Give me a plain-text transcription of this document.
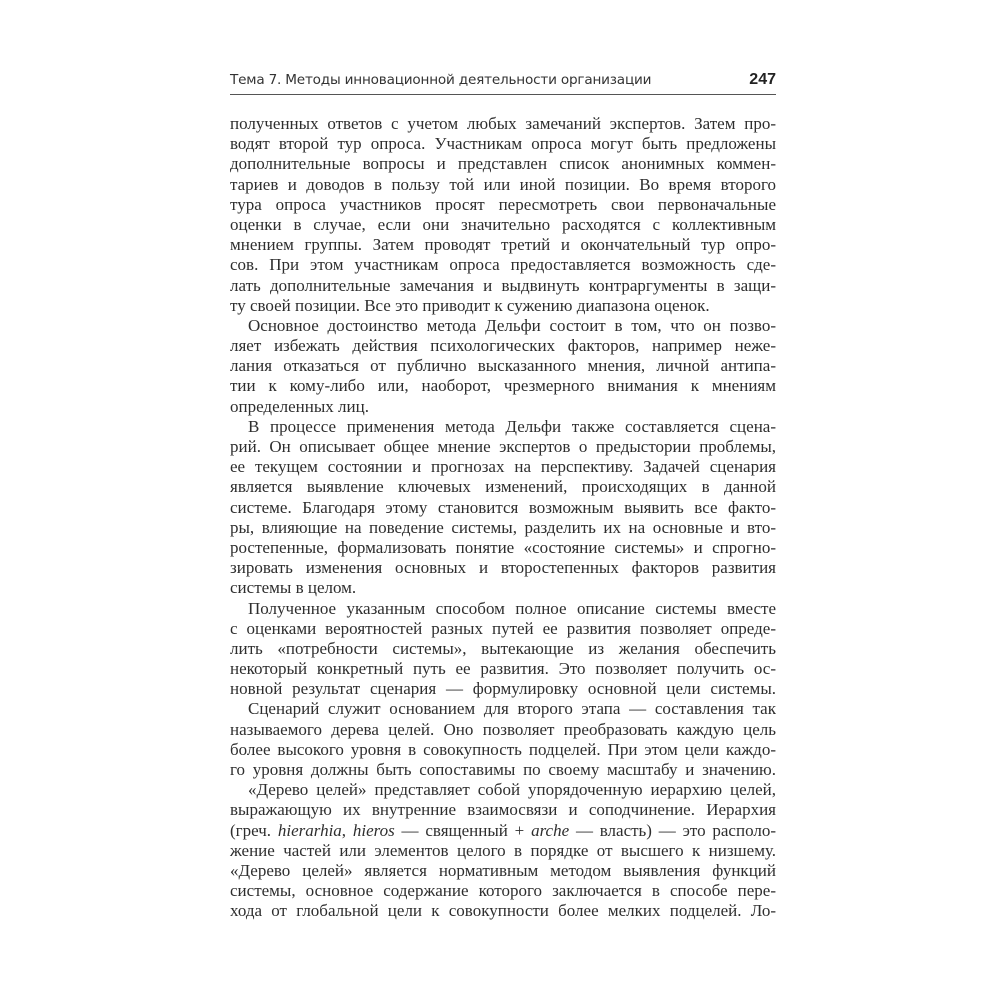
Тема 7. Методы инновационной деятельности организации	247
полученных ответов с учетом любых замечаний экспертов. Затем про-
водят второй тур опроса. Участникам опроса могут быть предложены
дополнительные вопросы и представлен список анонимных коммен-
тариев и доводов в пользу той или иной позиции. Во время второго
тура опроса участников просят пересмотреть свои первоначальные
оценки в случае, если они значительно расходятся с коллективным
мнением группы. Затем проводят третий и окончательный тур опро-
сов. При этом участникам опроса предоставляется возможность сде-
лать дополнительные замечания и выдвинуть контраргументы в защи-
ту своей позиции. Все это приводит к сужению диапазона оценок.
Основное достоинство метода Дельфи состоит в том, что он позво-
ляет избежать действия психологических факторов, например неже-
лания отказаться от публично высказанного мнения, личной антипа-
тии к кому-либо или, наоборот, чрезмерного внимания к мнениям
определенных лиц.
В процессе применения метода Дельфи также составляется сцена-
рий. Он описывает общее мнение экспертов о предыстории проблемы,
ее текущем состоянии и прогнозах на перспективу. Задачей сценария
является выявление ключевых изменений, происходящих в данной
системе. Благодаря этому становится возможным выявить все факто-
ры, влияющие на поведение системы, разделить их на основные и вто-
ростепенные, формализовать понятие «состояние системы» и спрогно-
зировать изменения основных и второстепенных факторов развития
системы в целом.
Полученное указанным способом полное описание системы вместе
с оценками вероятностей разных путей ее развития позволяет опреде-
лить «потребности системы», вытекающие из желания обеспечить
некоторый конкретный путь ее развития. Это позволяет получить ос-
новной результат сценария — формулировку основной цели системы.
Сценарий служит основанием для второго этапа — составления так
называемого дерева целей. Оно позволяет преобразовать каждую цель
более высокого уровня в совокупность подцелей. При этом цели каждо-
го уровня должны быть сопоставимы по своему масштабу и значению.
«Дерево целей» представляет собой упорядоченную иерархию целей,
выражающую их внутренние взаимосвязи и соподчинение. Иерархия
(греч. hierarhia, hieros — священный + arche — власть) — это располо-
жение частей или элементов целого в порядке от высшего к низшему.
«Дерево целей» является нормативным методом выявления функций
системы, основное содержание которого заключается в способе пере-
хода от глобальной цели к совокупности более мелких подцелей. Ло-
